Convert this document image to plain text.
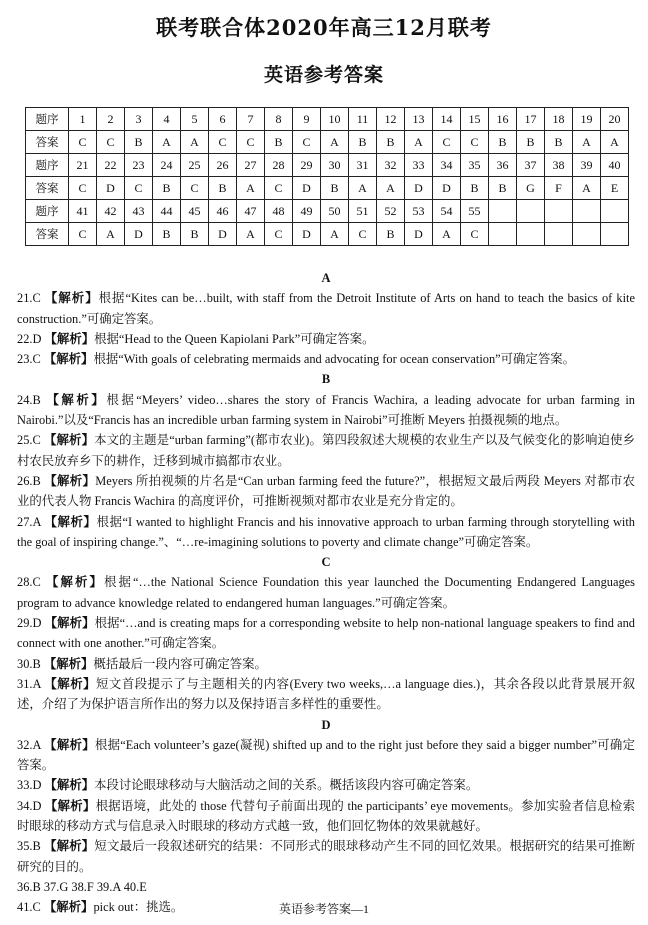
联考联合体2020年高三12月联考
英语参考答案
题序	1	2	3	4	5	6	7	8	9	10	11	12	13	14	15	16	17	18	19	20
答案	C	C	B	A	A	C	C	B	C	A	B	B	A	C	C	B	B	B	A	A
题序	21	22	23	24	25	26	27	28	29	30	31	32	33	34	35	36	37	38	39	40
答案	C	D	C	B	C	B	A	C	D	B	A	A	D	D	B	B	G	F	A	E
题序	41	42	43	44	45	46	47	48	49	50	51	52	53	54	55					
答案	C	A	D	B	B	D	A	C	D	A	C	B	D	A	C					
A
21.C 【解析】根据“Kites can be…built, with staff from the Detroit Institute of Arts on hand to teach the basics of kite construction.”可确定答案。
22.D 【解析】根据“Head to the Queen Kapiolani Park”可确定答案。
23.C 【解析】根据“With goals of celebrating mermaids and advocating for ocean conservation”可确定答案。
B
24.B 【解析】根据“Meyers’ video…shares the story of Francis Wachira, a leading advocate for urban farming in Nairobi.”以及“Francis has an incredible urban farming system in Nairobi”可推断 Meyers 拍摄视频的地点。
25.C 【解析】本文的主题是“urban farming”(都市农业)。第四段叙述大规模的农业生产以及气候变化的影响迫使乡村农民放弃乡下的耕作，迁移到城市搞都市农业。
26.B 【解析】Meyers 所拍视频的片名是“Can urban farming feed the future?”，根据短文最后两段 Meyers 对都市农业的代表人物 Francis Wachira 的高度评价，可推断视频对都市农业是充分肯定的。
27.A 【解析】根据“I wanted to highlight Francis and his innovative approach to urban farming through storytelling with the goal of inspiring change.”、“…re-imagining solutions to poverty and climate change”可确定答案。
C
28.C 【解析】根据“…the National Science Foundation this year launched the Documenting Endangered Languages program to advance knowledge related to endangered human languages.”可确定答案。
29.D 【解析】根据“…and is creating maps for a corresponding website to help non-national language speakers to find and connect with one another.”可确定答案。
30.B 【解析】概括最后一段内容可确定答案。
31.A 【解析】短文首段提示了与主题相关的内容(Every two weeks,…a language dies.)，其余各段以此背景展开叙述，介绍了为保护语言所作出的努力以及保持语言多样性的重要性。
D
32.A 【解析】根据“Each volunteer’s gaze(凝视) shifted up and to the right just before they said a bigger number”可确定答案。
33.D 【解析】本段讨论眼球移动与大脑活动之间的关系。概括该段内容可确定答案。
34.D 【解析】根据语境，此处的 those 代替句子前面出现的 the participants’ eye movements。参加实验者信息检索时眼球的移动方式与信息录入时眼球的移动方式越一致，他们回忆物体的效果就越好。
35.B 【解析】短文最后一段叙述研究的结果：不同形式的眼球移动产生不同的回忆效果。根据研究的结果可推断研究的目的。
36.B 37.G 38.F 39.A 40.E
41.C 【解析】pick out：挑选。	英语参考答案—1
